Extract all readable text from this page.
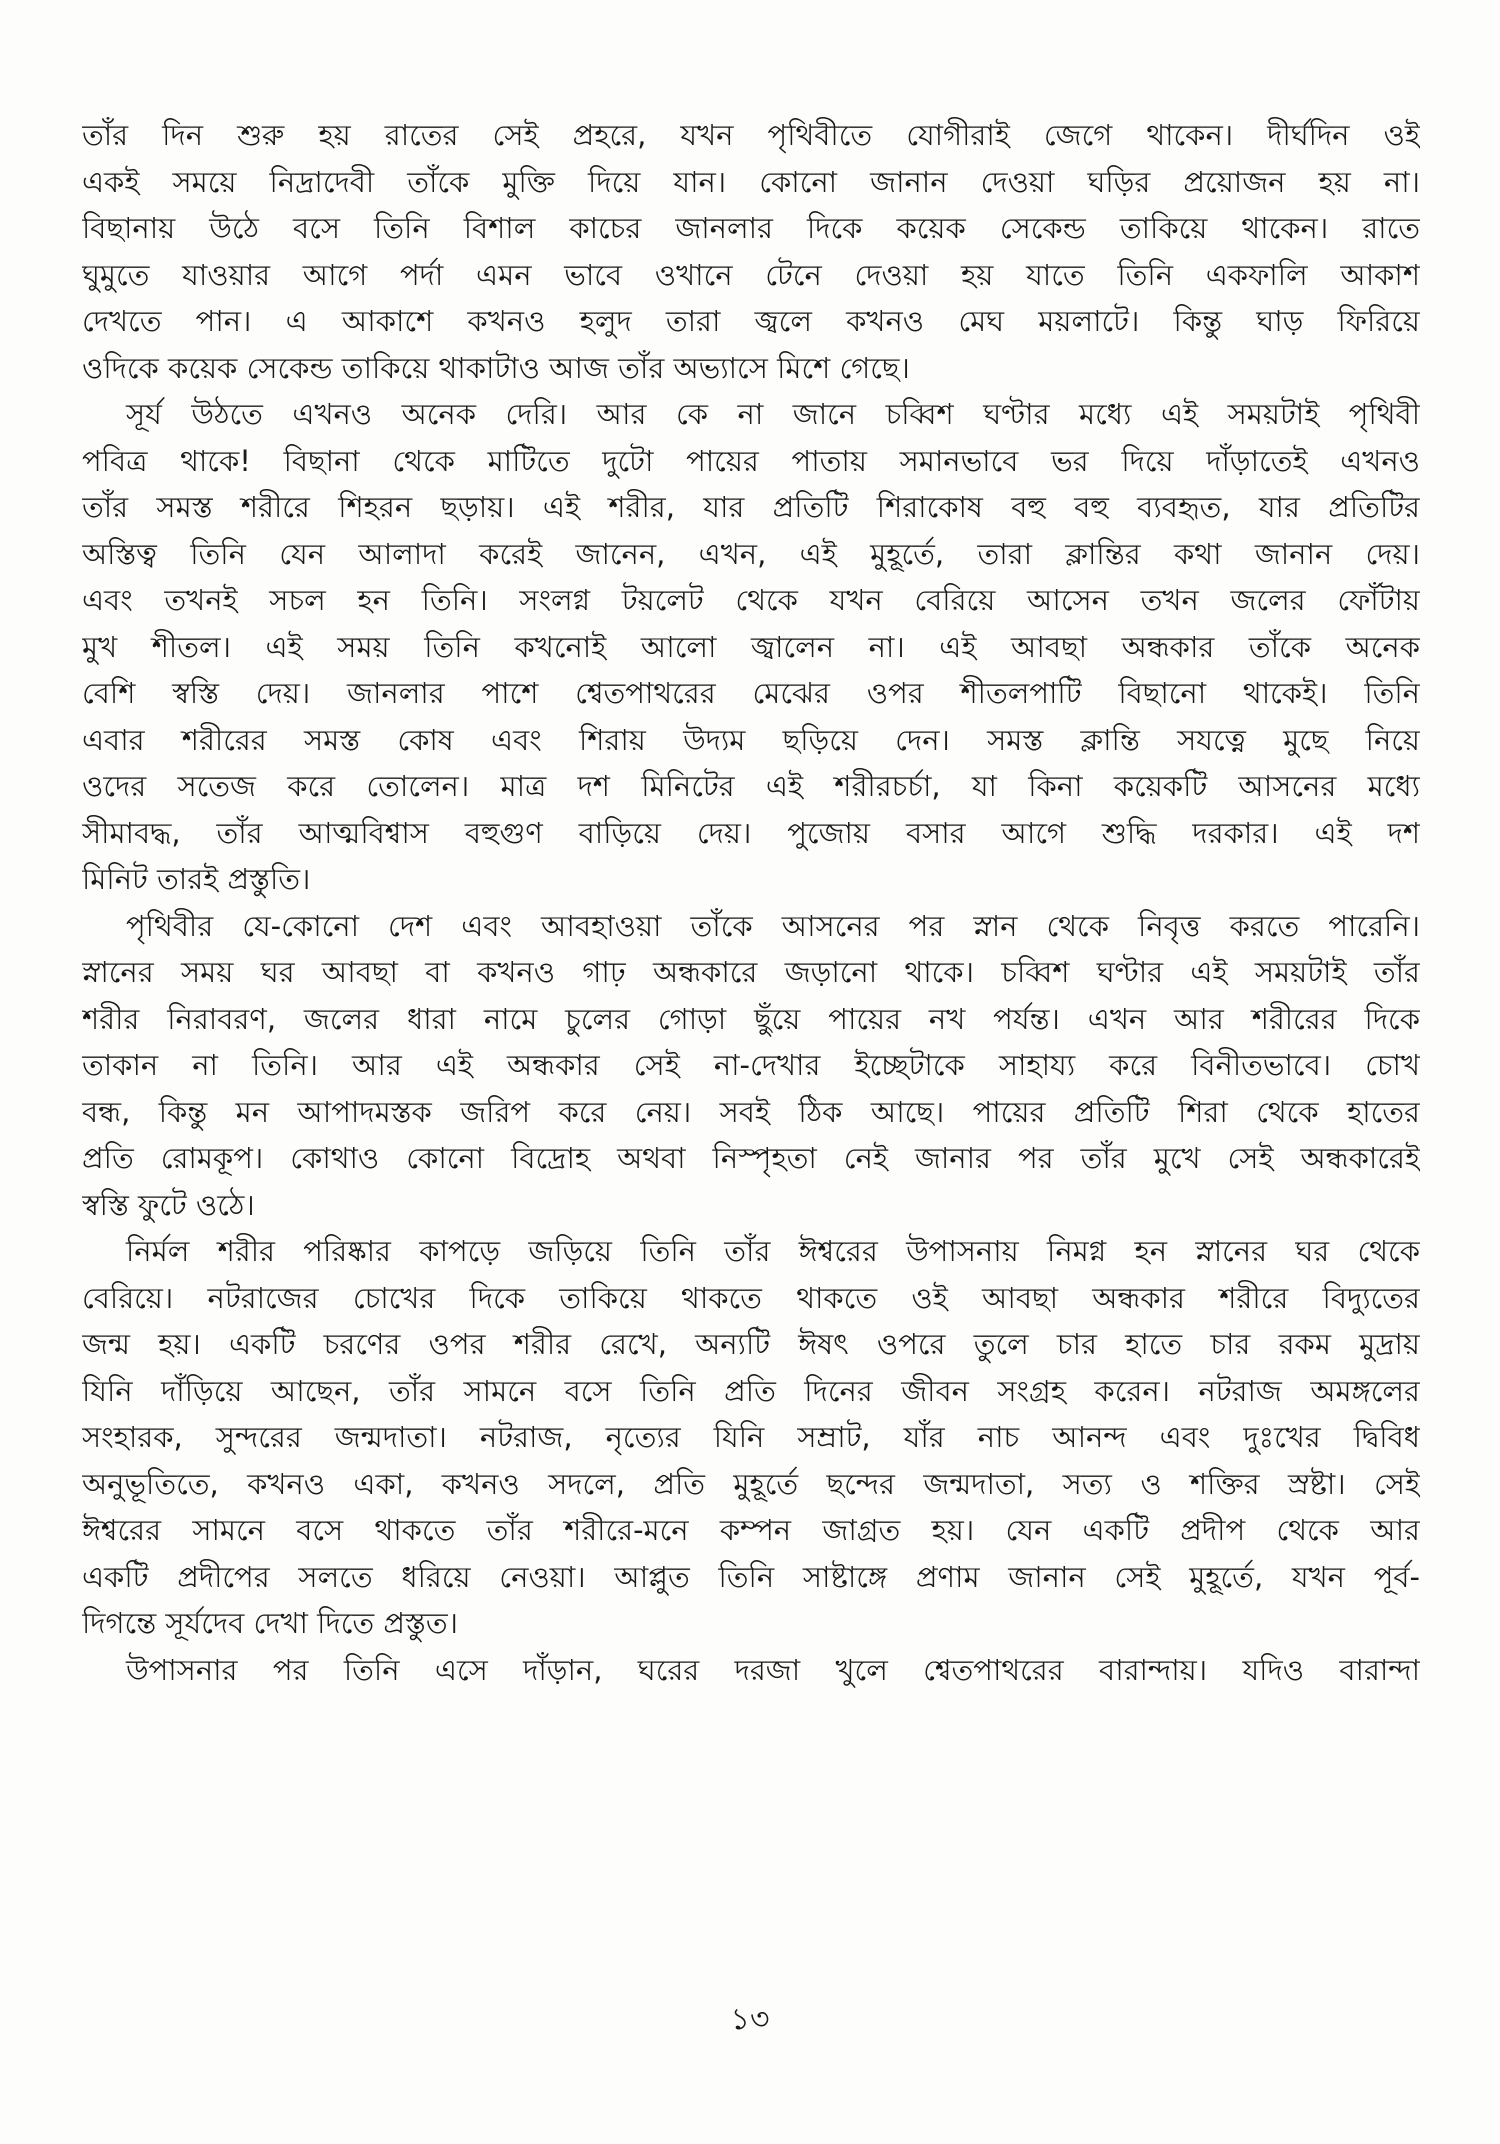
তাঁর দিন শুরু হয় রাতের সেই প্রহরে, যখন পৃথিবীতে যোগীরাই জেগে থাকেন। দীর্ঘদিন ওই
একই সময়ে নিদ্রাদেবী তাঁকে মুক্তি দিয়ে যান। কোনো জানান দেওয়া ঘড়ির প্রয়োজন হয় না।
বিছানায় উঠে বসে তিনি বিশাল কাচের জানলার দিকে কয়েক সেকেন্ড তাকিয়ে থাকেন। রাতে
ঘুমুতে যাওয়ার আগে পর্দা এমন ভাবে ওখানে টেনে দেওয়া হয় যাতে তিনি একফালি আকাশ
দেখতে পান। এ আকাশে কখনও হলুদ তারা জ্বলে কখনও মেঘ ময়লাটে। কিন্তু ঘাড় ফিরিয়ে
ওদিকে কয়েক সেকেন্ড তাকিয়ে থাকাটাও আজ তাঁর অভ্যাসে মিশে গেছে।
সূর্য উঠতে এখনও অনেক দেরি। আর কে না জানে চব্বিশ ঘণ্টার মধ্যে এই সময়টাই পৃথিবী
পবিত্র থাকে! বিছানা থেকে মাটিতে দুটো পায়ের পাতায় সমানভাবে ভর দিয়ে দাঁড়াতেই এখনও
তাঁর সমস্ত শরীরে শিহরন ছড়ায়। এই শরীর, যার প্রতিটি শিরাকোষ বহু বহু ব্যবহৃত, যার প্রতিটির
অস্তিত্ব তিনি যেন আলাদা করেই জানেন, এখন, এই মুহূর্তে, তারা ক্লান্তির কথা জানান দেয়।
এবং তখনই সচল হন তিনি। সংলগ্ন টয়লেট থেকে যখন বেরিয়ে আসেন তখন জলের ফোঁটায়
মুখ শীতল। এই সময় তিনি কখনোই আলো জ্বালেন না। এই আবছা অন্ধকার তাঁকে অনেক
বেশি স্বস্তি দেয়। জানলার পাশে শ্বেতপাথরের মেঝের ওপর শীতলপাটি বিছানো থাকেই। তিনি
এবার শরীরের সমস্ত কোষ এবং শিরায় উদ্যম ছড়িয়ে দেন। সমস্ত ক্লান্তি সযত্নে মুছে নিয়ে
ওদের সতেজ করে তোলেন। মাত্র দশ মিনিটের এই শরীরচর্চা, যা কিনা কয়েকটি আসনের মধ্যে
সীমাবদ্ধ, তাঁর আত্মবিশ্বাস বহুগুণ বাড়িয়ে দেয়। পুজোয় বসার আগে শুদ্ধি দরকার। এই দশ
মিনিট তারই প্রস্তুতি।
পৃথিবীর যে-কোনো দেশ এবং আবহাওয়া তাঁকে আসনের পর স্নান থেকে নিবৃত্ত করতে পারেনি।
স্নানের সময় ঘর আবছা বা কখনও গাঢ় অন্ধকারে জড়ানো থাকে। চব্বিশ ঘণ্টার এই সময়টাই তাঁর
শরীর নিরাবরণ, জলের ধারা নামে চুলের গোড়া ছুঁয়ে পায়ের নখ পর্যন্ত। এখন আর শরীরের দিকে
তাকান না তিনি। আর এই অন্ধকার সেই না-দেখার ইচ্ছেটাকে সাহায্য করে বিনীতভাবে। চোখ
বন্ধ, কিন্তু মন আপাদমস্তক জরিপ করে নেয়। সবই ঠিক আছে। পায়ের প্রতিটি শিরা থেকে হাতের
প্রতি রোমকূপ। কোথাও কোনো বিদ্রোহ অথবা নিস্পৃহতা নেই জানার পর তাঁর মুখে সেই অন্ধকারেই
স্বস্তি ফুটে ওঠে।
নির্মল শরীর পরিষ্কার কাপড়ে জড়িয়ে তিনি তাঁর ঈশ্বরের উপাসনায় নিমগ্ন হন স্নানের ঘর থেকে
বেরিয়ে। নটরাজের চোখের দিকে তাকিয়ে থাকতে থাকতে ওই আবছা অন্ধকার শরীরে বিদ্যুতের
জন্ম হয়। একটি চরণের ওপর শরীর রেখে, অন্যটি ঈষৎ ওপরে তুলে চার হাতে চার রকম মুদ্রায়
যিনি দাঁড়িয়ে আছেন, তাঁর সামনে বসে তিনি প্রতি দিনের জীবন সংগ্রহ করেন। নটরাজ অমঙ্গলের
সংহারক, সুন্দরের জন্মদাতা। নটরাজ, নৃত্যের যিনি সম্রাট, যাঁর নাচ আনন্দ এবং দুঃখের দ্বিবিধ
অনুভূতিতে, কখনও একা, কখনও সদলে, প্রতি মুহূর্তে ছন্দের জন্মদাতা, সত্য ও শক্তির স্রষ্টা। সেই
ঈশ্বরের সামনে বসে থাকতে তাঁর শরীরে-মনে কম্পন জাগ্রত হয়। যেন একটি প্রদীপ থেকে আর
একটি প্রদীপের সলতে ধরিয়ে নেওয়া। আপ্লুত তিনি সাষ্টাঙ্গে প্রণাম জানান সেই মুহূর্তে, যখন পূর্ব-
দিগন্তে সূর্যদেব দেখা দিতে প্রস্তুত।
উপাসনার পর তিনি এসে দাঁড়ান, ঘরের দরজা খুলে শ্বেতপাথরের বারান্দায়। যদিও বারান্দা
১৩
